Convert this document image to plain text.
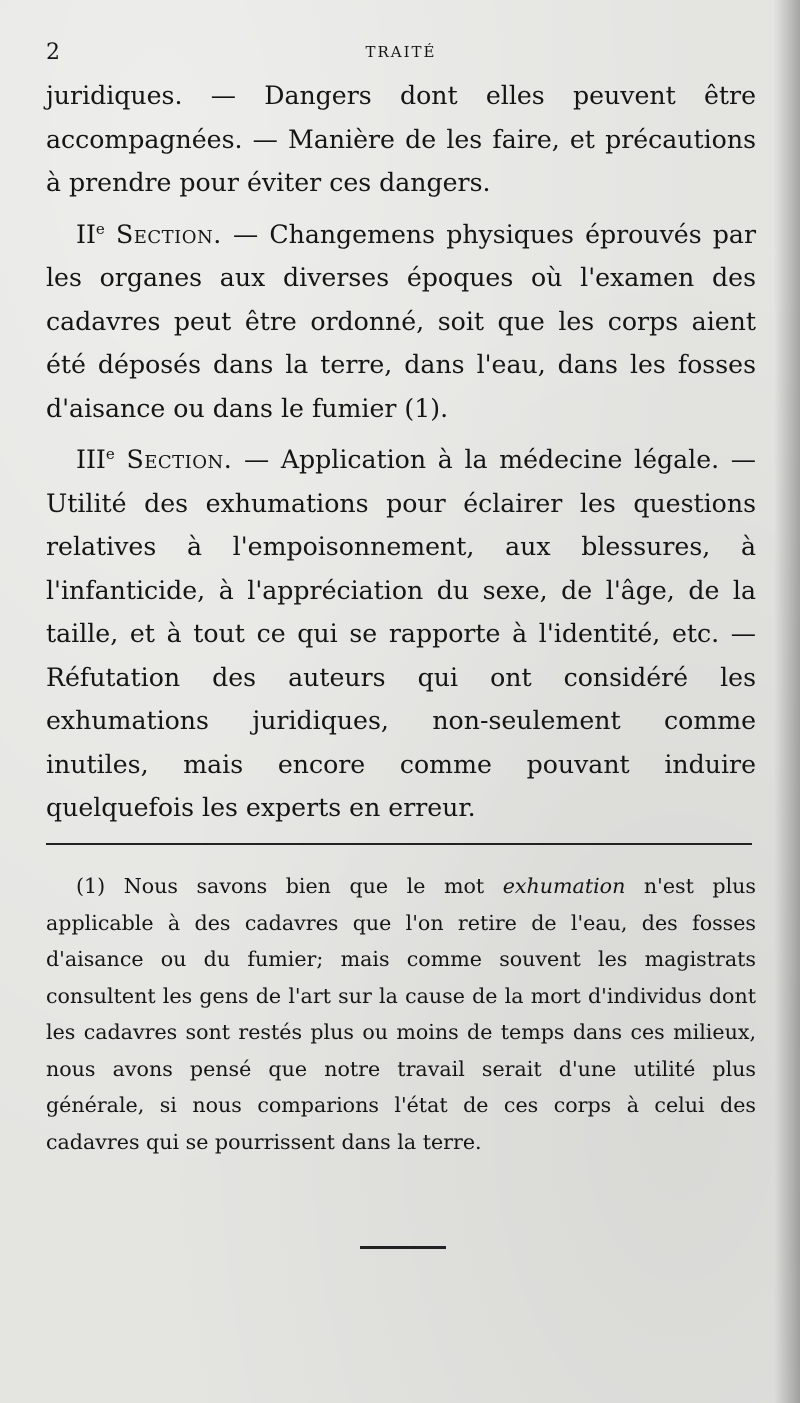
2	TRAITÉ

juridiques. — Dangers dont elles peuvent être accompagnées. — Manière de les faire, et précautions à prendre pour éviter ces dangers.

IIe Section. — Changemens physiques éprouvés par les organes aux diverses époques où l'examen des cadavres peut être ordonné, soit que les corps aient été déposés dans la terre, dans l'eau, dans les fosses d'aisance ou dans le fumier (1).

IIIe Section. — Application à la médecine légale. — Utilité des exhumations pour éclairer les questions relatives à l'empoisonnement, aux blessures, à l'infanticide, à l'appréciation du sexe, de l'âge, de la taille, et à tout ce qui se rapporte à l'identité, etc. — Réfutation des auteurs qui ont considéré les exhumations juridiques, non-seulement comme inutiles, mais encore comme pouvant induire quelquefois les experts en erreur.

(1) Nous savons bien que le mot exhumation n'est plus applicable à des cadavres que l'on retire de l'eau, des fosses d'aisance ou du fumier; mais comme souvent les magistrats consultent les gens de l'art sur la cause de la mort d'individus dont les cadavres sont restés plus ou moins de temps dans ces milieux, nous avons pensé que notre travail serait d'une utilité plus générale, si nous comparions l'état de ces corps à celui des cadavres qui se pourrissent dans la terre.
